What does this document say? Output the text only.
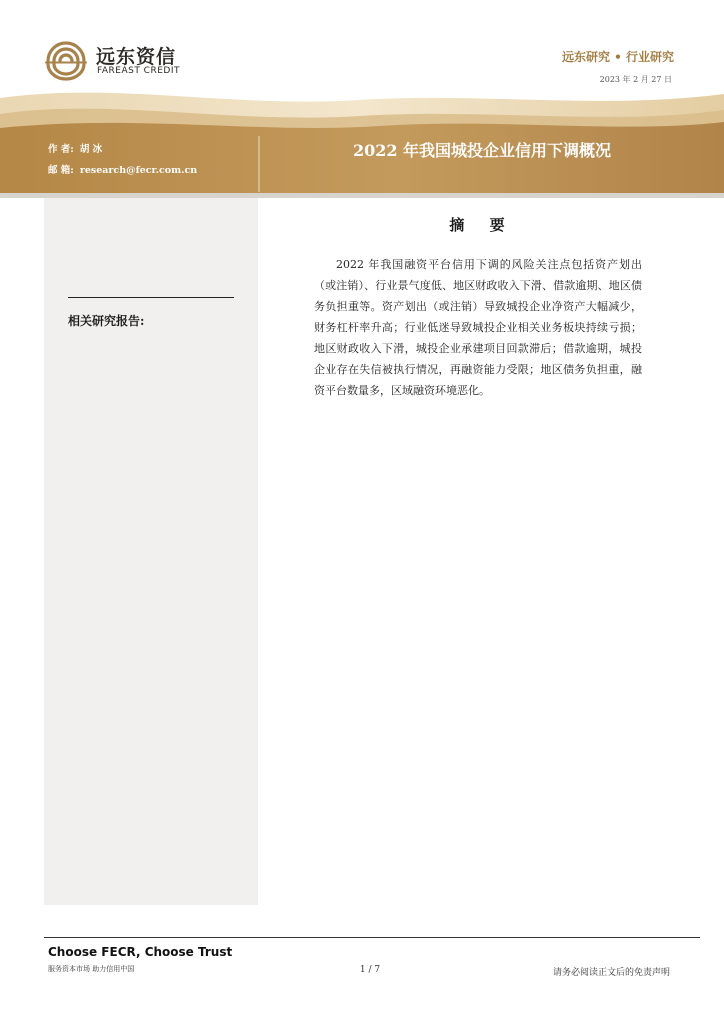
远东资信
FAREAST CREDIT
远东研究 • 行业研究
2023 年 2 月 27 日
作 者: 胡 冰
邮 箱: research@fecr.com.cn
2022 年我国城投企业信用下调概况
相关研究报告:
摘 要
2022 年我国融资平台信用下调的风险关注点包括资产划出（或注销）、行业景气度低、地区财政收入下滑、借款逾期、地区债务负担重等。资产划出（或注销）导致城投企业净资产大幅减少，财务杠杆率升高；行业低迷导致城投企业相关业务板块持续亏损；地区财政收入下滑，城投企业承建项目回款滞后；借款逾期，城投企业存在失信被执行情况，再融资能力受限；地区债务负担重，融资平台数量多，区域融资环境恶化。
Choose FECR, Choose Trust
服务资本市场 助力信用中国	1 / 7	请务必阅读正文后的免责声明
